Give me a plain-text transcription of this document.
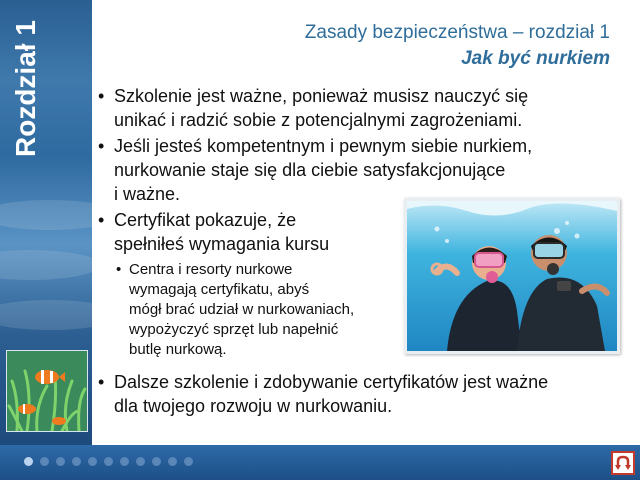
Rozdział 1	Zasady bezpieczeństwa – rozdział 1
Jak być nurkiem
• Szkolenie jest ważne, ponieważ musisz nauczyć się
unikać i radzić sobie z potencjalnymi zagrożeniami.
• Jeśli jesteś kompetentnym i pewnym siebie nurkiem,
nurkowanie staje się dla ciebie satysfakcjonujące
i ważne.
• Certyfikat pokazuje, że
spełniłeś wymagania kursu
• Centra i resorty nurkowe
wymagają certyfikatu, abyś
mógł brać udział w nurkowaniach,
wypożyczyć sprzęt lub napełnić
butlę nurkową.
• Dalsze szkolenie i zdobywanie certyfikatów jest ważne
dla twojego rozwoju w nurkowaniu.
